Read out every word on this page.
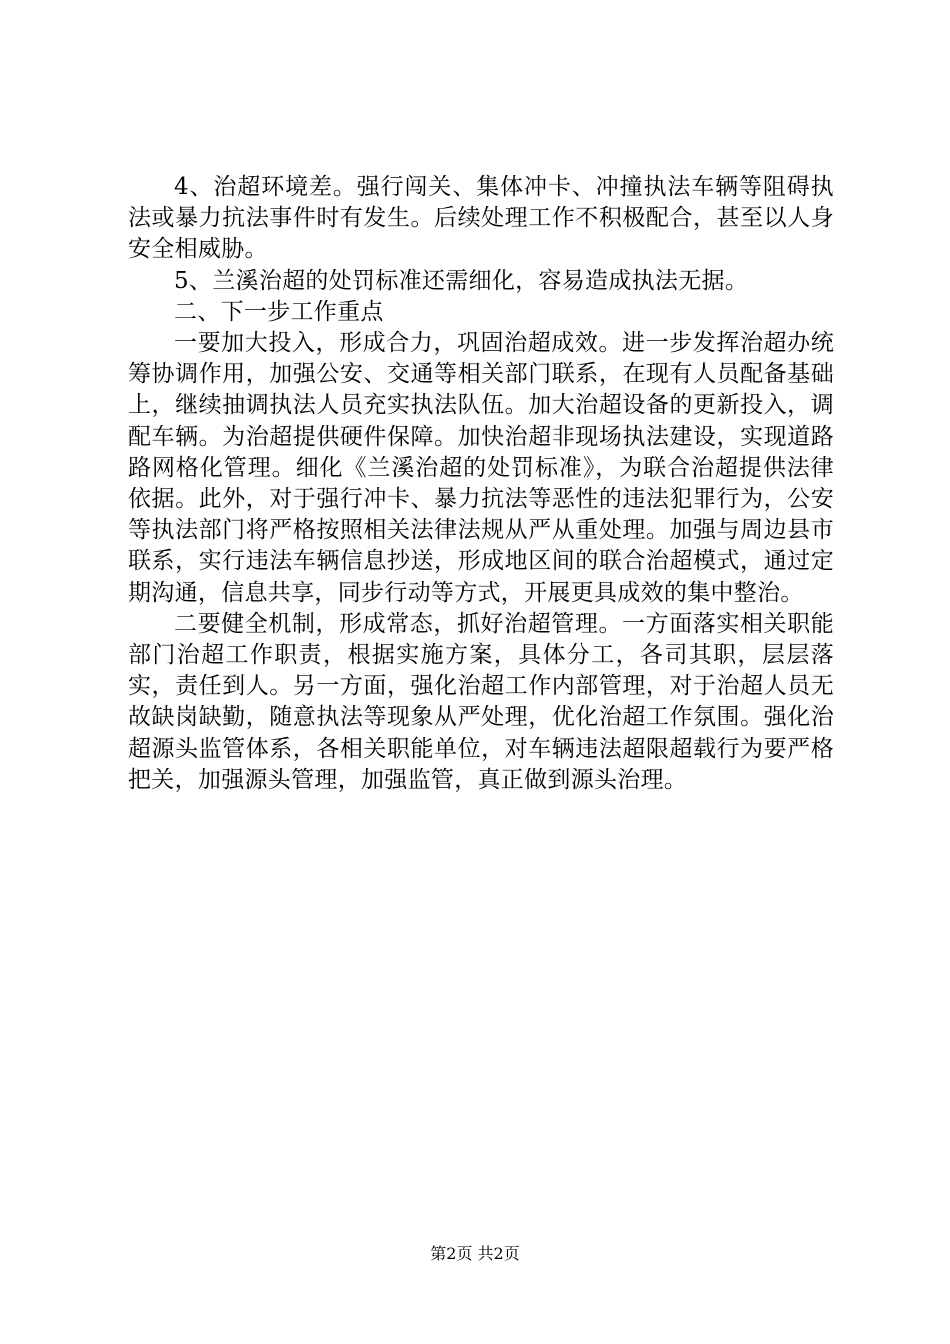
4、治超环境差。强行闯关、集体冲卡、冲撞执法车辆等阻碍执法或暴力抗法事件时有发生。后续处理工作不积极配合，甚至以人身安全相威胁。

5、兰溪治超的处罚标准还需细化，容易造成执法无据。

二、下一步工作重点

一要加大投入，形成合力，巩固治超成效。进一步发挥治超办统筹协调作用，加强公安、交通等相关部门联系，在现有人员配备基础上，继续抽调执法人员充实执法队伍。加大治超设备的更新投入，调配车辆。为治超提供硬件保障。加快治超非现场执法建设，实现道路路网格化管理。细化《兰溪治超的处罚标准》，为联合治超提供法律依据。此外，对于强行冲卡、暴力抗法等恶性的违法犯罪行为，公安等执法部门将严格按照相关法律法规从严从重处理。加强与周边县市联系，实行违法车辆信息抄送，形成地区间的联合治超模式，通过定期沟通，信息共享，同步行动等方式，开展更具成效的集中整治。

二要健全机制，形成常态，抓好治超管理。一方面落实相关职能部门治超工作职责，根据实施方案，具体分工，各司其职，层层落实，责任到人。另一方面，强化治超工作内部管理，对于治超人员无故缺岗缺勤，随意执法等现象从严处理，优化治超工作氛围。强化治超源头监管体系，各相关职能单位，对车辆违法超限超载行为要严格把关，加强源头管理，加强监管，真正做到源头治理。

第2页 共2页
